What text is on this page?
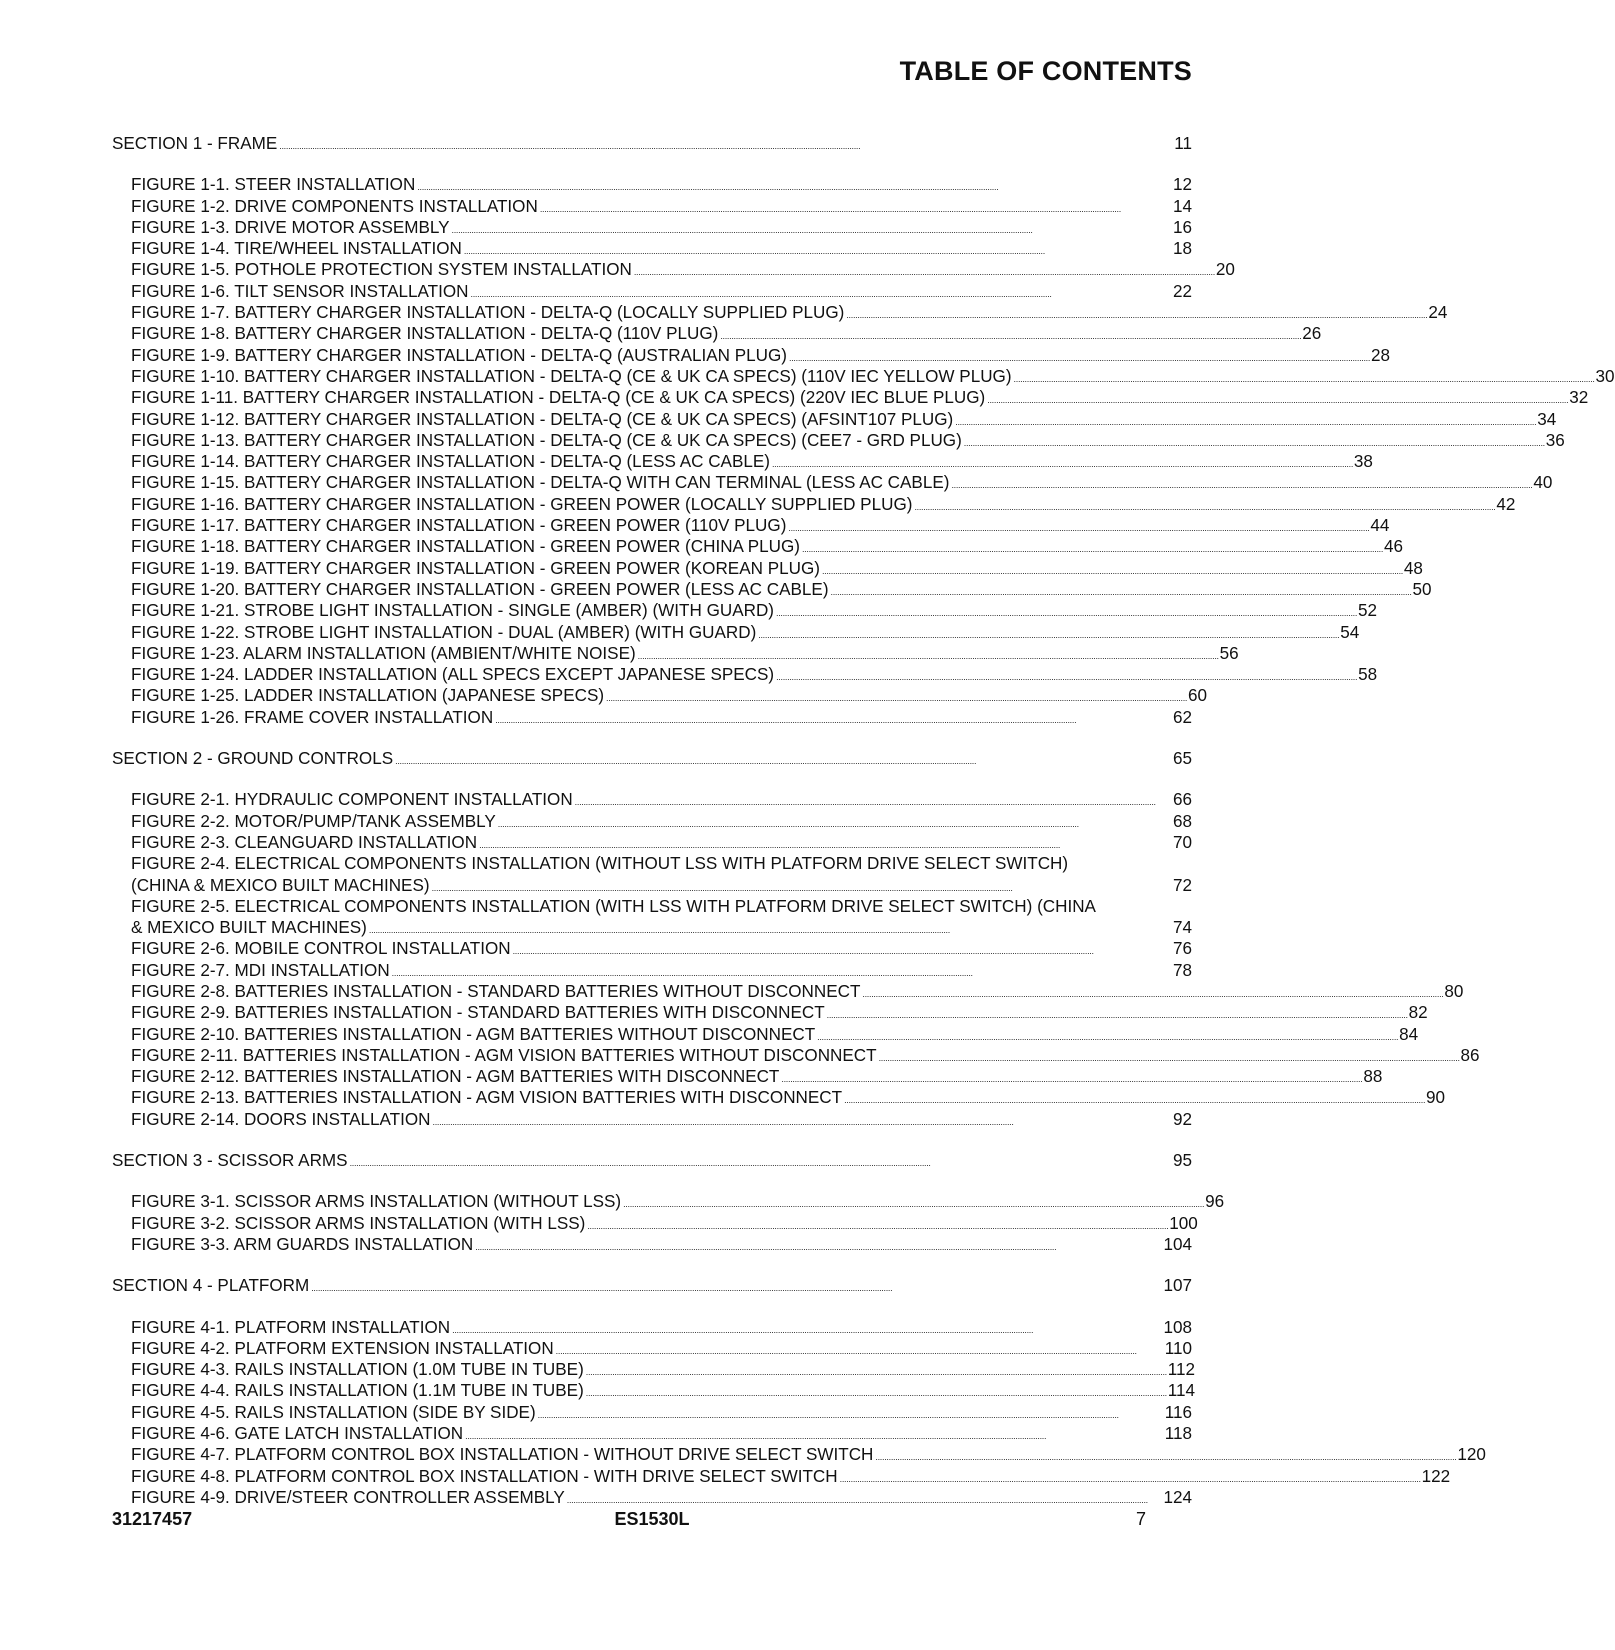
TABLE OF CONTENTS
SECTION 1 - FRAME . . .	11
FIGURE 1-1. STEER INSTALLATION . . .	12
FIGURE 1-2. DRIVE COMPONENTS INSTALLATION . . .	14
FIGURE 1-3. DRIVE MOTOR ASSEMBLY . . .	16
FIGURE 1-4. TIRE/WHEEL INSTALLATION . . .	18
FIGURE 1-5. POTHOLE PROTECTION SYSTEM INSTALLATION . . .	20
FIGURE 1-6. TILT SENSOR INSTALLATION . . .	22
FIGURE 1-7. BATTERY CHARGER INSTALLATION - DELTA-Q (LOCALLY SUPPLIED PLUG) . . .	24
FIGURE 1-8. BATTERY CHARGER INSTALLATION - DELTA-Q (110V PLUG) . . .	26
FIGURE 1-9. BATTERY CHARGER INSTALLATION - DELTA-Q (AUSTRALIAN PLUG) . . .	28
FIGURE 1-10. BATTERY CHARGER INSTALLATION - DELTA-Q (CE & UK CA SPECS) (110V IEC YELLOW PLUG) . . .	30
FIGURE 1-11. BATTERY CHARGER INSTALLATION - DELTA-Q (CE & UK CA SPECS) (220V IEC BLUE PLUG) . . .	32
FIGURE 1-12. BATTERY CHARGER INSTALLATION - DELTA-Q (CE & UK CA SPECS) (AFSINT107 PLUG) . . .	34
FIGURE 1-13. BATTERY CHARGER INSTALLATION - DELTA-Q (CE & UK CA SPECS) (CEE7 - GRD PLUG) . . .	36
FIGURE 1-14. BATTERY CHARGER INSTALLATION - DELTA-Q (LESS AC CABLE) . . .	38
FIGURE 1-15. BATTERY CHARGER INSTALLATION - DELTA-Q WITH CAN TERMINAL (LESS AC CABLE) . . .	40
FIGURE 1-16. BATTERY CHARGER INSTALLATION - GREEN POWER (LOCALLY SUPPLIED PLUG) . . .	42
FIGURE 1-17. BATTERY CHARGER INSTALLATION - GREEN POWER (110V PLUG) . . .	44
FIGURE 1-18. BATTERY CHARGER INSTALLATION - GREEN POWER (CHINA PLUG) . . .	46
FIGURE 1-19. BATTERY CHARGER INSTALLATION - GREEN POWER (KOREAN PLUG) . . .	48
FIGURE 1-20. BATTERY CHARGER INSTALLATION - GREEN POWER (LESS AC CABLE) . . .	50
FIGURE 1-21. STROBE LIGHT INSTALLATION - SINGLE (AMBER) (WITH GUARD) . . .	52
FIGURE 1-22. STROBE LIGHT INSTALLATION - DUAL (AMBER) (WITH GUARD) . . .	54
FIGURE 1-23. ALARM INSTALLATION (AMBIENT/WHITE NOISE) . . .	56
FIGURE 1-24. LADDER INSTALLATION (ALL SPECS EXCEPT JAPANESE SPECS) . . .	58
FIGURE 1-25. LADDER INSTALLATION (JAPANESE SPECS) . . .	60
FIGURE 1-26. FRAME COVER INSTALLATION . . .	62
SECTION 2 - GROUND CONTROLS . . .	65
FIGURE 2-1. HYDRAULIC COMPONENT INSTALLATION . . .	66
FIGURE 2-2. MOTOR/PUMP/TANK ASSEMBLY . . .	68
FIGURE 2-3. CLEANGUARD INSTALLATION . . .	70
FIGURE 2-4. ELECTRICAL COMPONENTS INSTALLATION (WITHOUT LSS WITH PLATFORM DRIVE SELECT SWITCH)
(CHINA & MEXICO BUILT MACHINES) . . .	72
FIGURE 2-5. ELECTRICAL COMPONENTS INSTALLATION (WITH LSS WITH PLATFORM DRIVE SELECT SWITCH) (CHINA
& MEXICO BUILT MACHINES) . . .	74
FIGURE 2-6. MOBILE CONTROL INSTALLATION . . .	76
FIGURE 2-7. MDI INSTALLATION . . .	78
FIGURE 2-8. BATTERIES INSTALLATION - STANDARD BATTERIES WITHOUT DISCONNECT . . .	80
FIGURE 2-9. BATTERIES INSTALLATION - STANDARD BATTERIES WITH DISCONNECT . . .	82
FIGURE 2-10. BATTERIES INSTALLATION - AGM BATTERIES WITHOUT DISCONNECT . . .	84
FIGURE 2-11. BATTERIES INSTALLATION - AGM VISION BATTERIES WITHOUT DISCONNECT . . .	86
FIGURE 2-12. BATTERIES INSTALLATION - AGM BATTERIES WITH DISCONNECT . . .	88
FIGURE 2-13. BATTERIES INSTALLATION - AGM VISION BATTERIES WITH DISCONNECT . . .	90
FIGURE 2-14. DOORS INSTALLATION . . .	92
SECTION 3 - SCISSOR ARMS . . .	95
FIGURE 3-1. SCISSOR ARMS INSTALLATION (WITHOUT LSS) . . .	96
FIGURE 3-2. SCISSOR ARMS INSTALLATION (WITH LSS) . . .	100
FIGURE 3-3. ARM GUARDS INSTALLATION . . .	104
SECTION 4 - PLATFORM . . .	107
FIGURE 4-1. PLATFORM INSTALLATION . . .	108
FIGURE 4-2. PLATFORM EXTENSION INSTALLATION . . .	110
FIGURE 4-3. RAILS INSTALLATION (1.0M TUBE IN TUBE) . . .	112
FIGURE 4-4. RAILS INSTALLATION (1.1M TUBE IN TUBE) . . .	114
FIGURE 4-5. RAILS INSTALLATION (SIDE BY SIDE) . . .	116
FIGURE 4-6. GATE LATCH INSTALLATION . . .	118
FIGURE 4-7. PLATFORM CONTROL BOX INSTALLATION - WITHOUT DRIVE SELECT SWITCH . . .	120
FIGURE 4-8. PLATFORM CONTROL BOX INSTALLATION - WITH DRIVE SELECT SWITCH . . .	122
FIGURE 4-9. DRIVE/STEER CONTROLLER ASSEMBLY . . .	124
31217457	ES1530L	7
